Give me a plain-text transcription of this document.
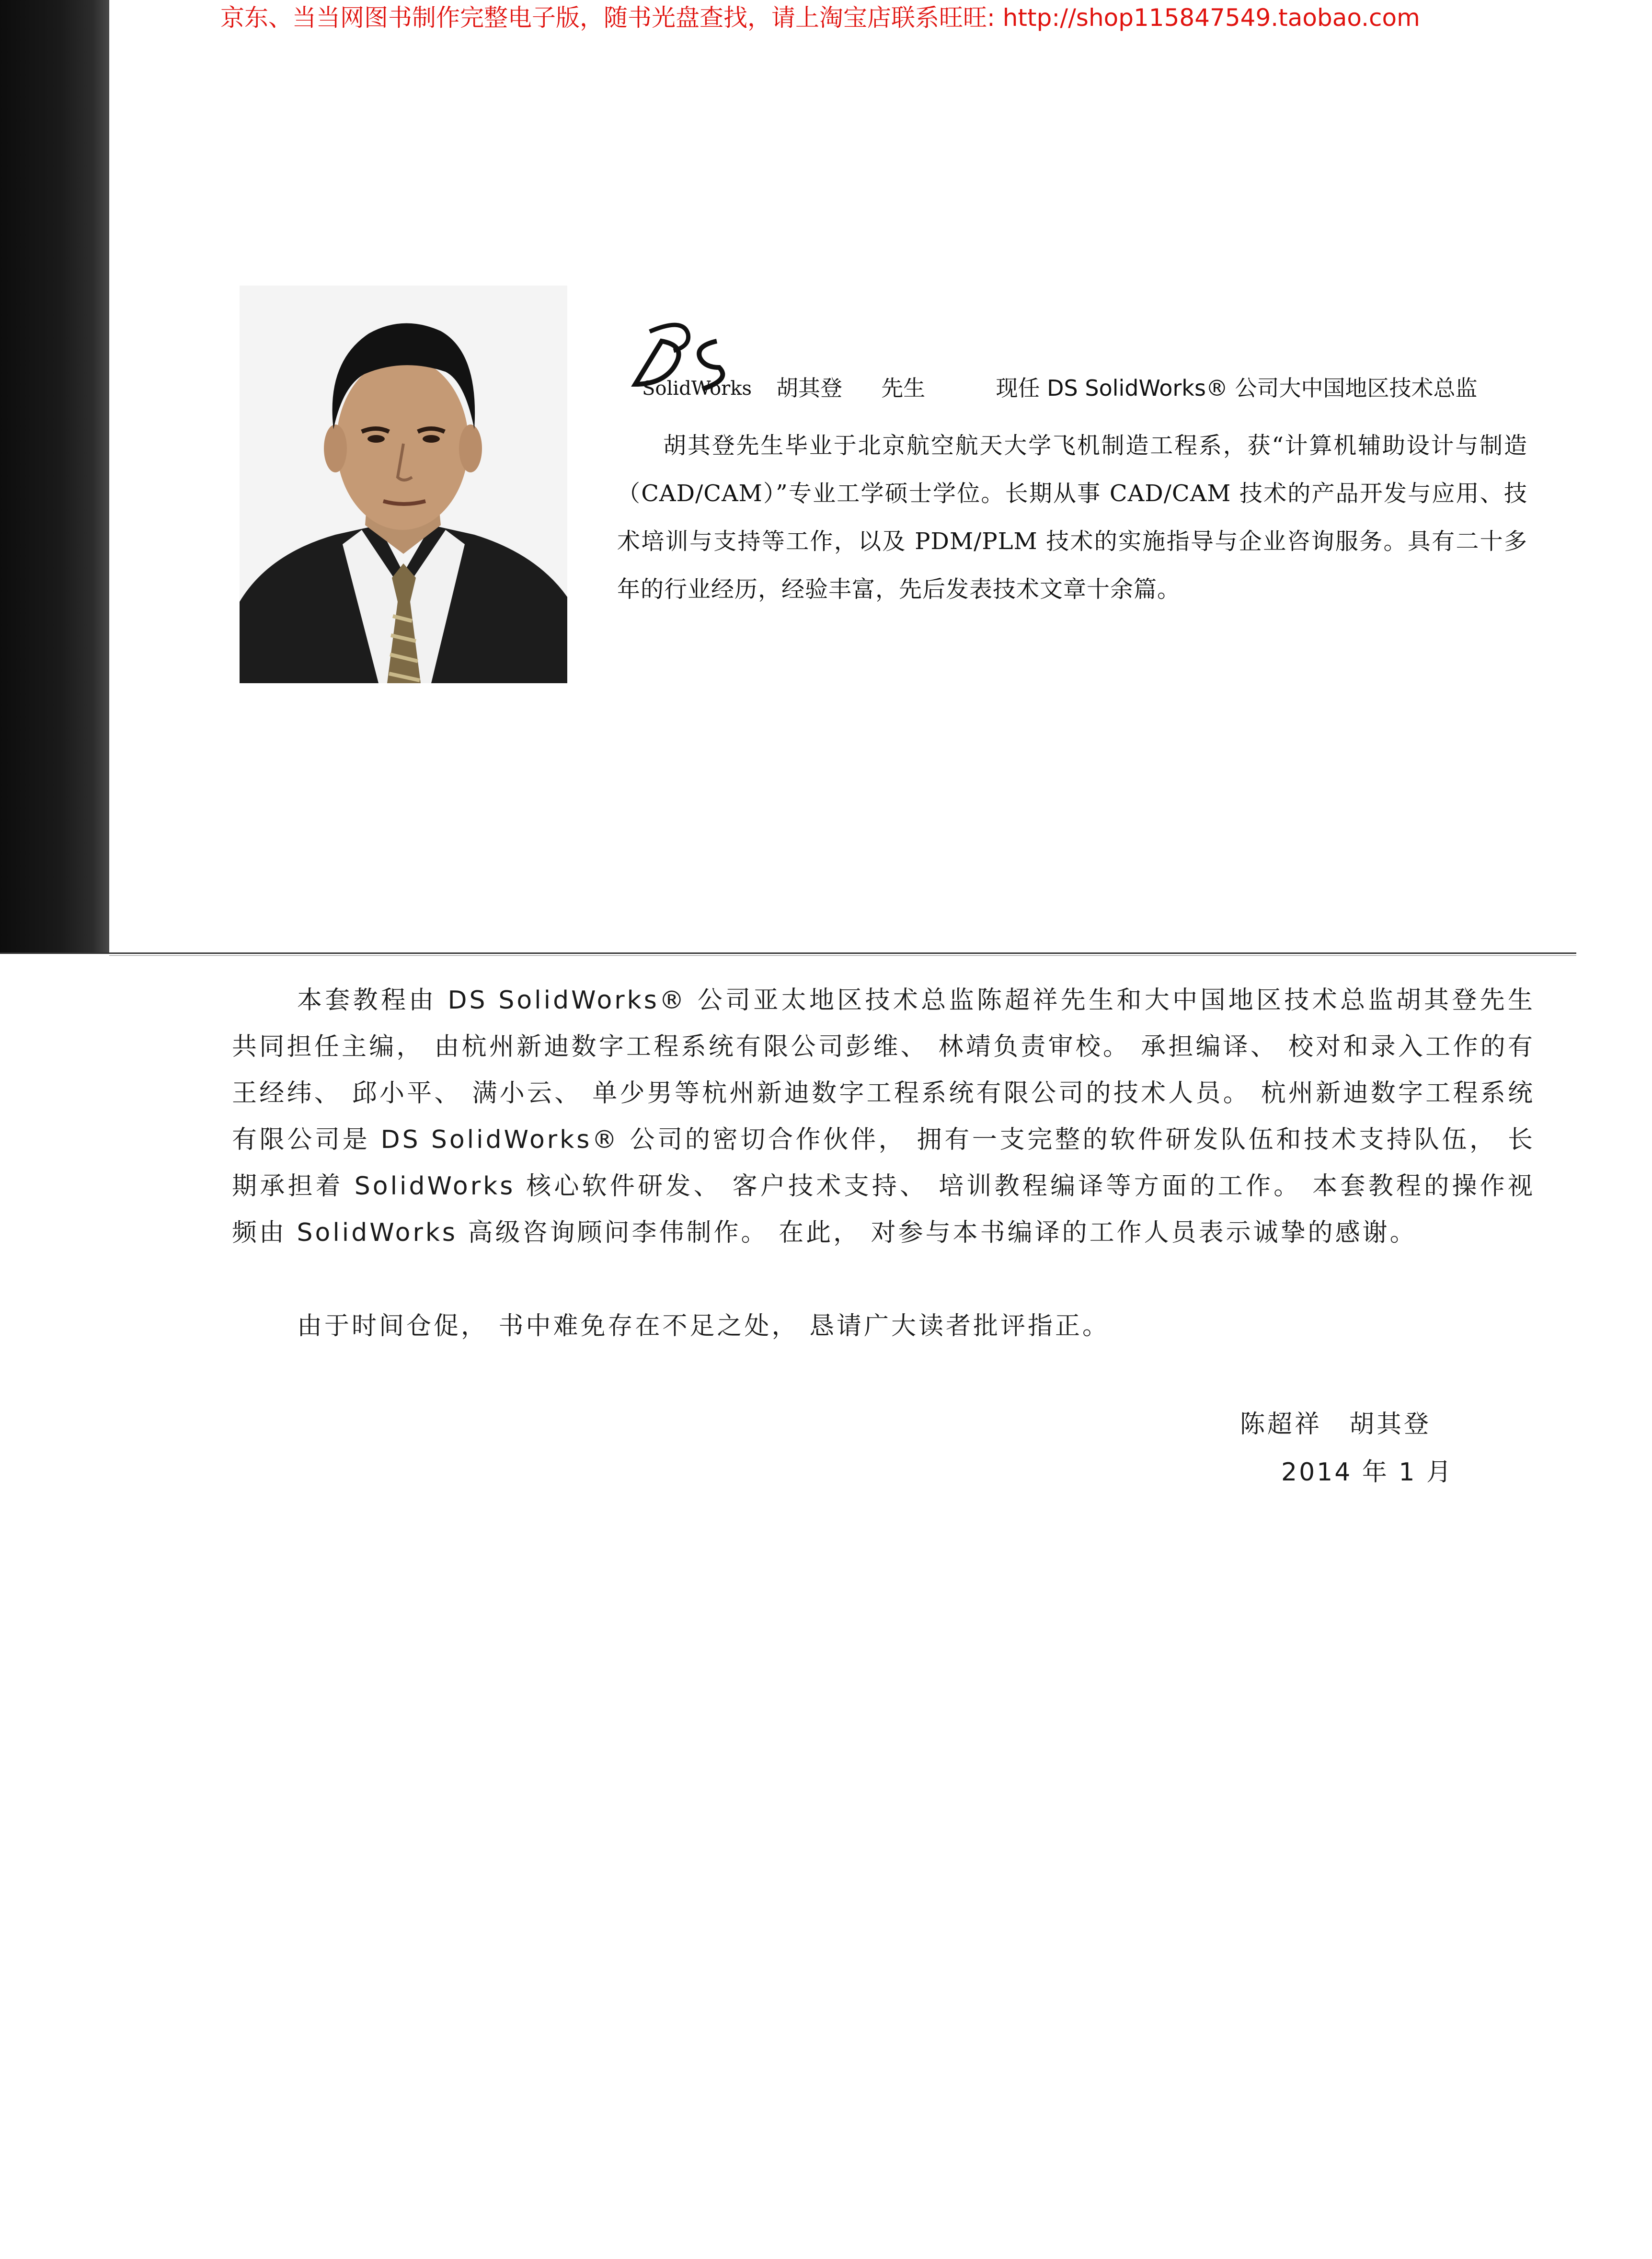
京东、当当网图书制作完整电子版，随书光盘查找，请上淘宝店联系旺旺: http://shop115847549.taobao.com
SolidWorks 胡其登 先生	现任 DS SolidWorks® 公司大中国地区技术总监
胡其登先生毕业于北京航空航天大学飞机制造工程系，获“计算机辅助设计与制造（CAD/CAM）”专业工学硕士学位。长期从事 CAD/CAM 技术的产品开发与应用、技术培训与支持等工作，以及 PDM/PLM 技术的实施指导与企业咨询服务。具有二十多年的行业经历，经验丰富，先后发表技术文章十余篇。
本套教程由 DS SolidWorks® 公司亚太地区技术总监陈超祥先生和大中国地区技术总监胡其登先生共同担任主编， 由杭州新迪数字工程系统有限公司彭维、 林靖负责审校。 承担编译、 校对和录入工作的有王经纬、 邱小平、 满小云、 单少男等杭州新迪数字工程系统有限公司的技术人员。 杭州新迪数字工程系统有限公司是 DS SolidWorks® 公司的密切合作伙伴， 拥有一支完整的软件研发队伍和技术支持队伍， 长期承担着 SolidWorks 核心软件研发、 客户技术支持、 培训教程编译等方面的工作。 本套教程的操作视频由 SolidWorks 高级咨询顾问李伟制作。 在此， 对参与本书编译的工作人员表示诚挚的感谢。
由于时间仓促， 书中难免存在不足之处， 恳请广大读者批评指正。
陈超祥　胡其登
2014 年 1 月
